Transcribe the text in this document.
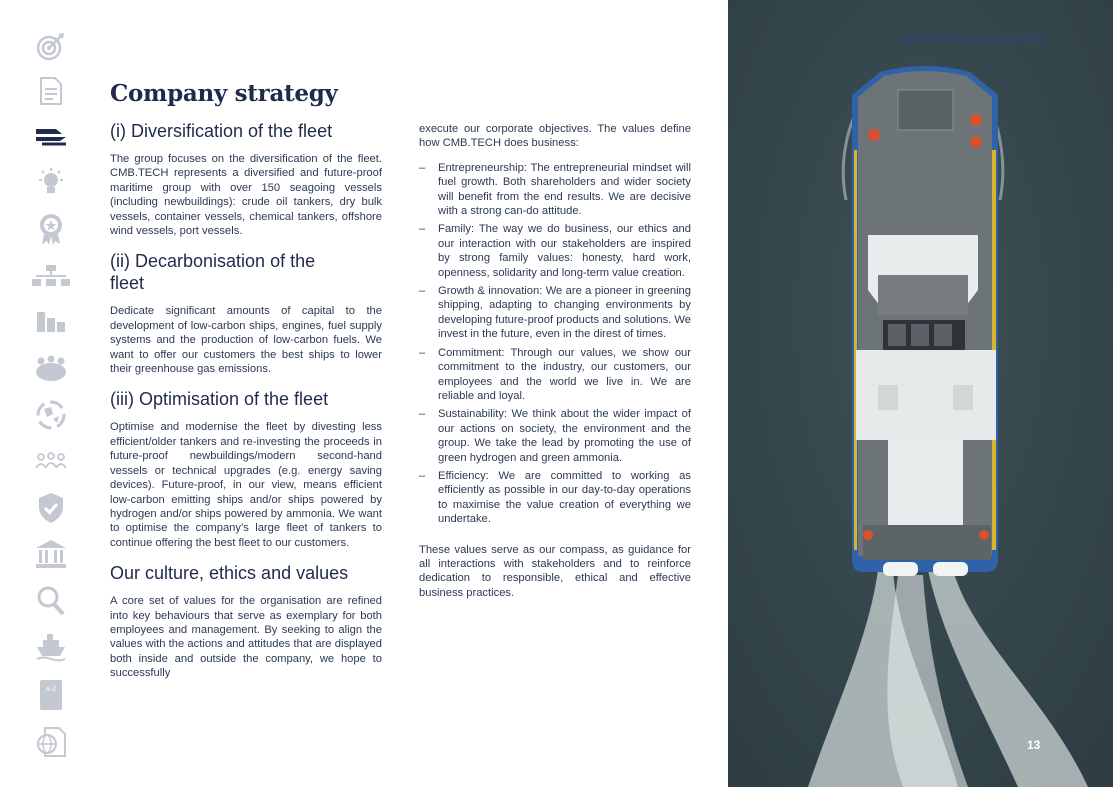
A-Z
Company strategy
(i) Diversification of the fleet

The group focuses on the diversification of the fleet. CMB.TECH represents a diversified and future-proof maritime group with over 150 seagoing vessels (including newbuildings): crude oil tankers, dry bulk vessels, container vessels, chemical tankers, offshore wind vessels, port vessels.

(ii) Decarbonisation of the fleet

Dedicate significant amounts of capital to the development of low-carbon ships, engines, fuel supply systems and the production of low-carbon fuels. We want to offer our customers the best ships to lower their greenhouse gas emissions.

(iii) Optimisation of the fleet

Optimise and modernise the fleet by divesting less efficient/older tankers and re-investing the proceeds in future-proof newbuildings/modern second-hand vessels or technical upgrades (e.g. energy saving devices). Future-proof, in our view, means efficient low-carbon emitting ships and/or ships powered by hydrogen and/or ships powered by ammonia. We want to optimise the company’s large fleet of tankers to continue offering the best fleet to our customers.

Our culture, ethics and values

A core set of values for the organisation are refined into key behaviours that serve as exemplary for both employees and management. By seeking to align the values with the actions and attitudes that are displayed both inside and outside the company, we hope to successfully

execute our corporate objectives. The values define how CMB.TECH does business:

– Entrepreneurship: The entrepreneurial mindset will fuel growth. Both shareholders and wider society will benefit from the end results. We are decisive with a strong can-do attitude.
– Family: The way we do business, our ethics and our interaction with our stakeholders are inspired by strong family values: honesty, hard work, openness, solidarity and long-term value creation.
– Growth & innovation: We are a pioneer in greening shipping, adapting to changing environments by developing future-proof products and solutions. We invest in the future, even in the direst of times.
– Commitment: Through our values, we show our commitment to the industry, our customers, our employees and the world we live in. We are reliable and loyal.
– Sustainability: We think about the wider impact of our actions on society, the environment and the group. We take the lead by promoting the use of green hydrogen and green ammonia.
– Efficiency: We are committed to working as efficiently as possible in our day-to-day operations to maximise the value creation of everything we undertake.

These values serve as our compass, as guidance for all interactions with stakeholders and to reinforce dedication to responsible, ethical and effective business practices.

CMB.TECH Annual Report 2024
13
